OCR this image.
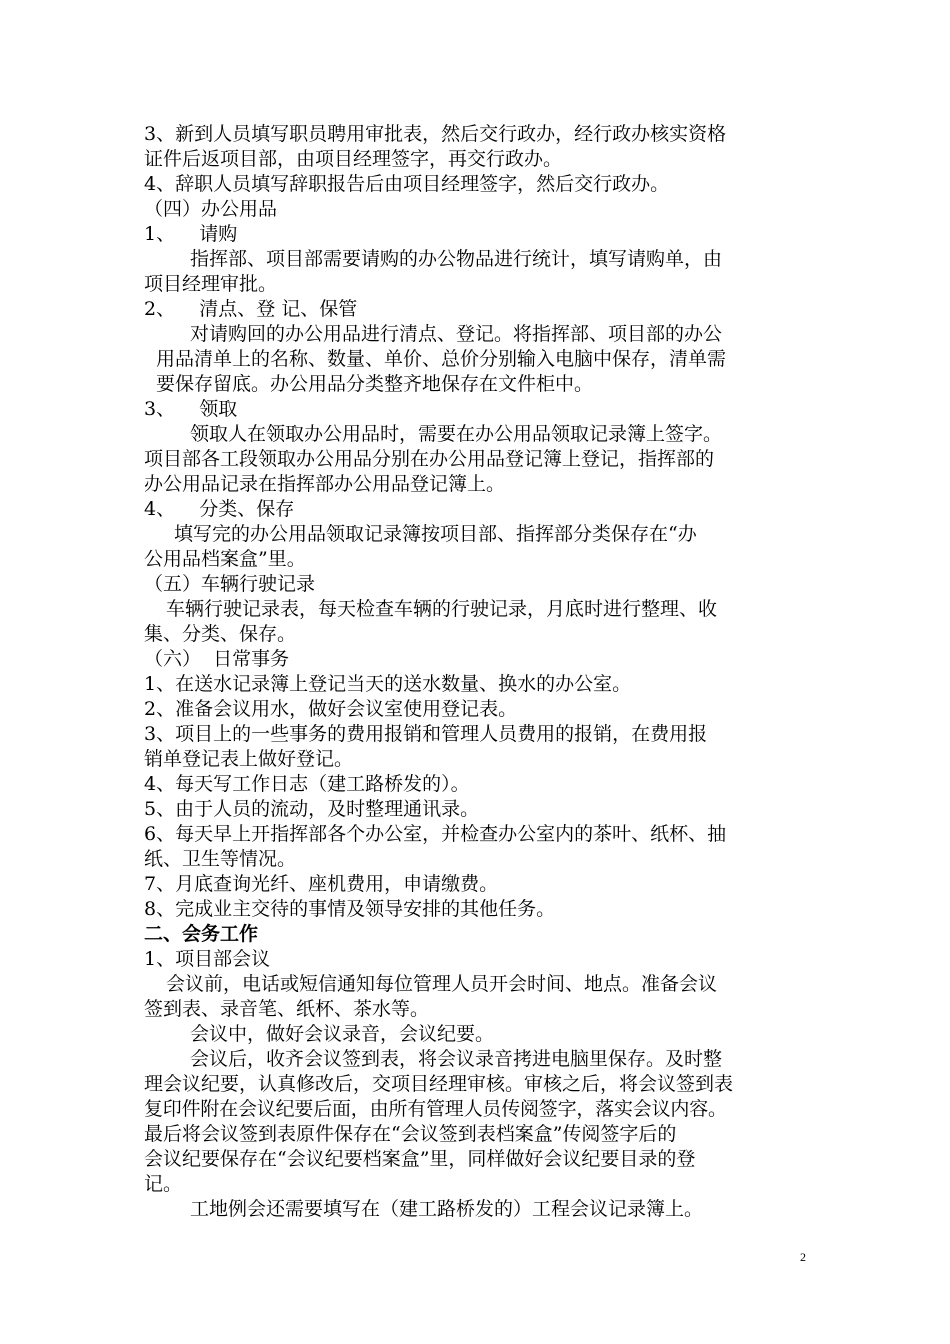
3、新到人员填写职员聘用审批表，然后交行政办，经行政办核实资格
证件后返项目部，由项目经理签字，再交行政办。
4、辞职人员填写辞职报告后由项目经理签字，然后交行政办。
（四）办公用品
1、    请购
指挥部、项目部需要请购的办公物品进行统计，填写请购单，由
项目经理审批。
2、    清点、登 记、保管
对请购回的办公用品进行清点、登记。将指挥部、项目部的办公
用品清单上的名称、数量、单价、总价分别输入电脑中保存，清单需
要保存留底。办公用品分类整齐地保存在文件柜中。
3、    领取
领取人在领取办公用品时，需要在办公用品领取记录簿上签字。
项目部各工段领取办公用品分别在办公用品登记簿上登记，指挥部的
办公用品记录在指挥部办公用品登记簿上。
4、    分类、保存
填写完的办公用品领取记录簿按项目部、指挥部分类保存在“办
公用品档案盒”里。
（五）车辆行驶记录
车辆行驶记录表，每天检查车辆的行驶记录，月底时进行整理、收
集、分类、保存。
（六）  日常事务
1、在送水记录簿上登记当天的送水数量、换水的办公室。
2、准备会议用水，做好会议室使用登记表。
3、项目上的一些事务的费用报销和管理人员费用的报销，在费用报
销单登记表上做好登记。
4、每天写工作日志（建工路桥发的）。
5、由于人员的流动，及时整理通讯录。
6、每天早上开指挥部各个办公室，并检查办公室内的茶叶、纸杯、抽
纸、卫生等情况。
7、月底查询光纤、座机费用，申请缴费。
8、完成业主交待的事情及领导安排的其他任务。
二、会务工作
1、项目部会议
会议前，电话或短信通知每位管理人员开会时间、地点。准备会议
签到表、录音笔、纸杯、茶水等。
会议中，做好会议录音，会议纪要。
会议后，收齐会议签到表，将会议录音拷进电脑里保存。及时整
理会议纪要，认真修改后，交项目经理审核。审核之后，将会议签到表
复印件附在会议纪要后面，由所有管理人员传阅签字，落实会议内容。
最后将会议签到表原件保存在“会议签到表档案盒”传阅签字后的
会议纪要保存在“会议纪要档案盒”里，同样做好会议纪要目录的登
记。
工地例会还需要填写在（建工路桥发的）工程会议记录簿上。
2
